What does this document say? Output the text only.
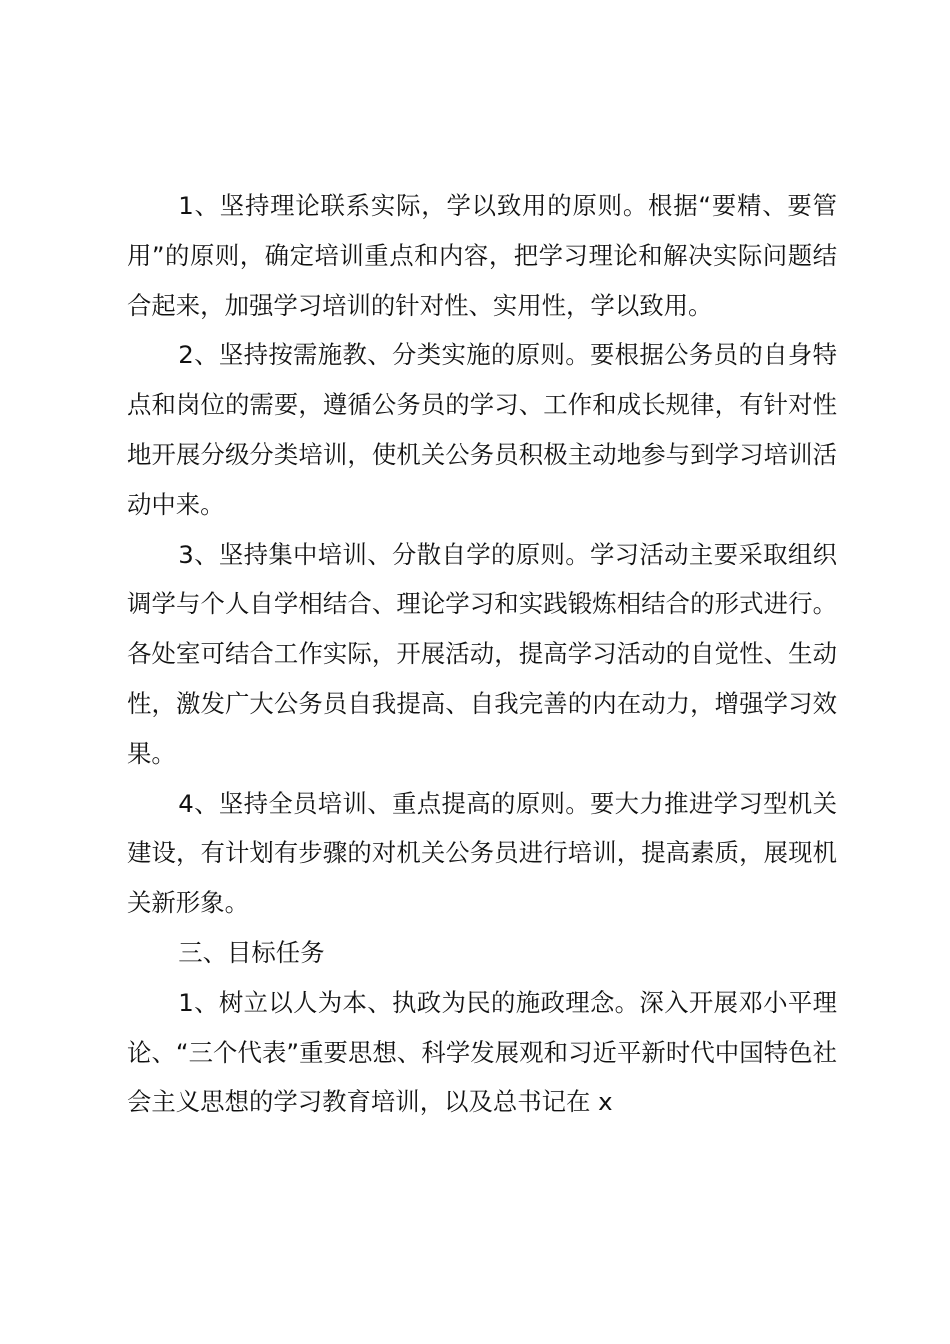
1、坚持理论联系实际，学以致用的原则。根据“要精、要管用”的原则，确定培训重点和内容，把学习理论和解决实际问题结合起来，加强学习培训的针对性、实用性，学以致用。

2、坚持按需施教、分类实施的原则。要根据公务员的自身特点和岗位的需要，遵循公务员的学习、工作和成长规律，有针对性地开展分级分类培训，使机关公务员积极主动地参与到学习培训活动中来。

3、坚持集中培训、分散自学的原则。学习活动主要采取组织调学与个人自学相结合、理论学习和实践锻炼相结合的形式进行。各处室可结合工作实际，开展活动，提高学习活动的自觉性、生动性，激发广大公务员自我提高、自我完善的内在动力，增强学习效果。

4、坚持全员培训、重点提高的原则。要大力推进学习型机关建设，有计划有步骤的对机关公务员进行培训，提高素质，展现机关新形象。

三、目标任务

1、树立以人为本、执政为民的施政理念。深入开展邓小平理论、“三个代表”重要思想、科学发展观和习近平新时代中国特色社会主义思想的学习教育培训，以及总书记在 x
